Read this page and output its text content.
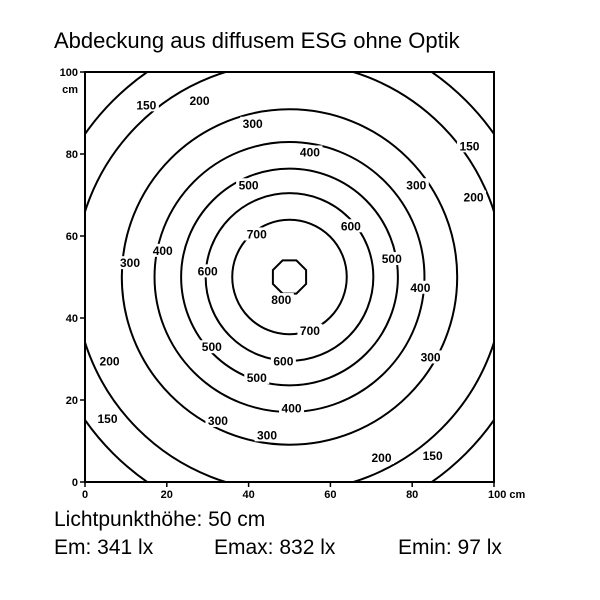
Abdeckung aus diffusem ESG ohne Optik
150	200
300
400
500
600
700
150
300
200
400
300	500
600
800
400
700
500
600	300
500
200
400
150	300
300
200	150
0	20	40	60	80	100 cm
0
20
40
60
80
100
cm
Lichtpunkthöhe: 50 cm
Em: 341 lx	Emax: 832 lx	Emin: 97 lx
